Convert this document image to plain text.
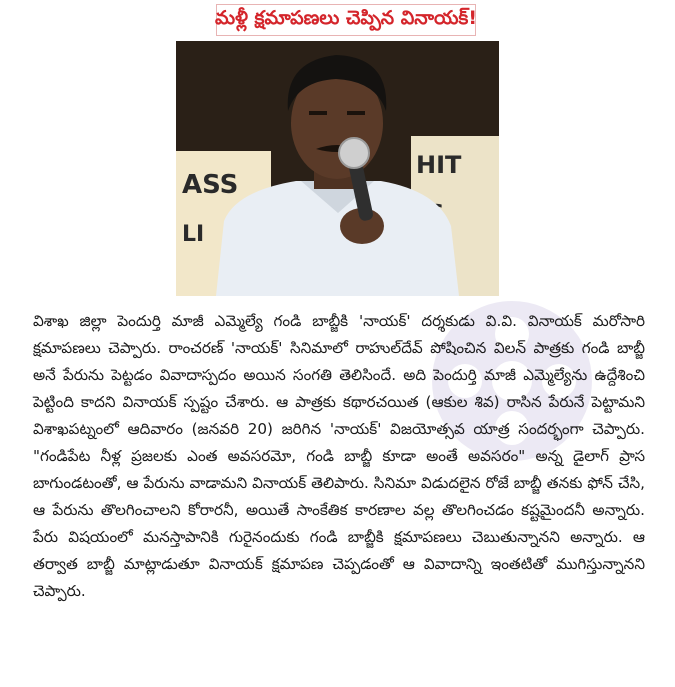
మళ్లీ క్షమాపణలు చెప్పిన వినాయక్!
ASS
LI
HIT
విశాఖ జిల్లా పెందుర్తి మాజీ ఎమ్మెల్యే గండి బాబ్జీకి 'నాయక్' దర్శకుడు వి.వి. వినాయక్ మరోసారి క్షమాపణలు చెప్పారు. రాంచరణ్ 'నాయక్' సినిమాలో రాహుల్‌దేవ్ పోషించిన విలన్ పాత్రకు గండి బాబ్జీ అనే పేరును పెట్టడం వివాదాస్పదం అయిన సంగతి తెలిసిందే. అది పెందుర్తి మాజీ ఎమ్మెల్యేను ఉద్దేశించి పెట్టింది కాదని వినాయక్ స్పష్టం చేశారు. ఆ పాత్రకు కథారచయిత (ఆకుల శివ) రాసిన పేరునే పెట్టామని విశాఖపట్నంలో ఆదివారం (జనవరి 20) జరిగిన 'నాయక్' విజయోత్సవ యాత్ర సందర్భంగా చెప్పారు. "గండిపేట నీళ్ల ప్రజలకు ఎంత అవసరమో, గండి బాబ్జీ కూడా అంతే అవసరం" అన్న డైలాగ్ ప్రాస బాగుండటంతో, ఆ పేరును వాడామని వినాయక్ తెలిపారు. సినిమా విడుదలైన రోజే బాబ్జీ తనకు ఫోన్ చేసి, ఆ పేరును తొలగించాలని కోరారనీ, అయితే సాంకేతిక కారణాల వల్ల తొలగించడం కష్టమైందనీ అన్నారు. పేరు విషయంలో మనస్తాపానికి గురైనందుకు గండి బాబ్జీకి క్షమాపణలు చెబుతున్నానని అన్నారు. ఆ తర్వాత బాబ్జీ మాట్లాడుతూ వినాయక్ క్షమాపణ చెప్పడంతో ఆ వివాదాన్ని ఇంతటితో ముగిస్తున్నానని చెప్పారు.
